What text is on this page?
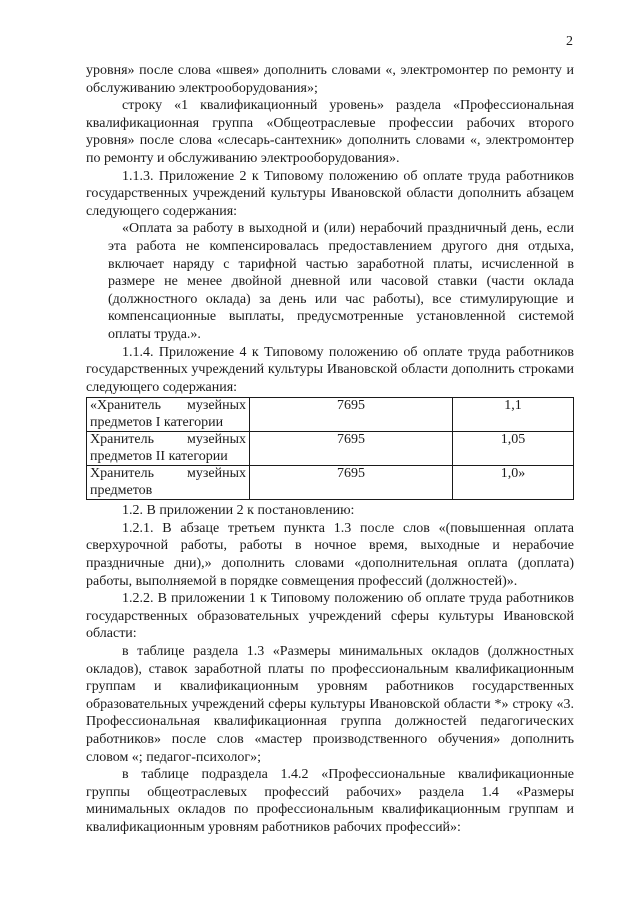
2

уровня» после слова «швея» дополнить словами «, электромонтер по ремонту и обслуживанию электрооборудования»;

строку «1 квалификационный уровень» раздела «Профессиональная квалификационная группа «Общеотраслевые профессии рабочих второго уровня» после слова «слесарь-сантехник» дополнить словами «, электромонтер по ремонту и обслуживанию электрооборудования».

1.1.3. Приложение 2 к Типовому положению об оплате труда работников государственных учреждений культуры Ивановской области дополнить абзацем следующего содержания:

«Оплата за работу в выходной и (или) нерабочий праздничный день, если эта работа не компенсировалась предоставлением другого дня отдыха, включает наряду с тарифной частью заработной платы, исчисленной в размере не менее двойной дневной или часовой ставки (части оклада (должностного оклада) за день или час работы), все стимулирующие и компенсационные выплаты, предусмотренные установленной системой оплаты труда.».

1.1.4. Приложение 4 к Типовому положению об оплате труда работников государственных учреждений культуры Ивановской области дополнить строками следующего содержания:

«Хранитель музейных предметов I категории	7695	1,1
Хранитель музейных предметов II категории	7695	1,05
Хранитель музейных предметов	7695	1,0»

1.2. В приложении 2 к постановлению:

1.2.1. В абзаце третьем пункта 1.3 после слов «(повышенная оплата сверхурочной работы, работы в ночное время, выходные и нерабочие праздничные дни),» дополнить словами «дополнительная оплата (доплата) работы, выполняемой в порядке совмещения профессий (должностей)».

1.2.2. В приложении 1 к Типовому положению об оплате труда работников государственных образовательных учреждений сферы культуры Ивановской области:

в таблице раздела 1.3 «Размеры минимальных окладов (должностных окладов), ставок заработной платы по профессиональным квалификационным группам и квалификационным уровням работников государственных образовательных учреждений сферы культуры Ивановской области *» строку «3. Профессиональная квалификационная группа должностей педагогических работников» после слов «мастер производственного обучения» дополнить словом «; педагог-психолог»;

в таблице подраздела 1.4.2 «Профессиональные квалификационные группы общеотраслевых профессий рабочих» раздела 1.4 «Размеры минимальных окладов по профессиональным квалификационным группам и квалификационным уровням работников рабочих профессий»:
